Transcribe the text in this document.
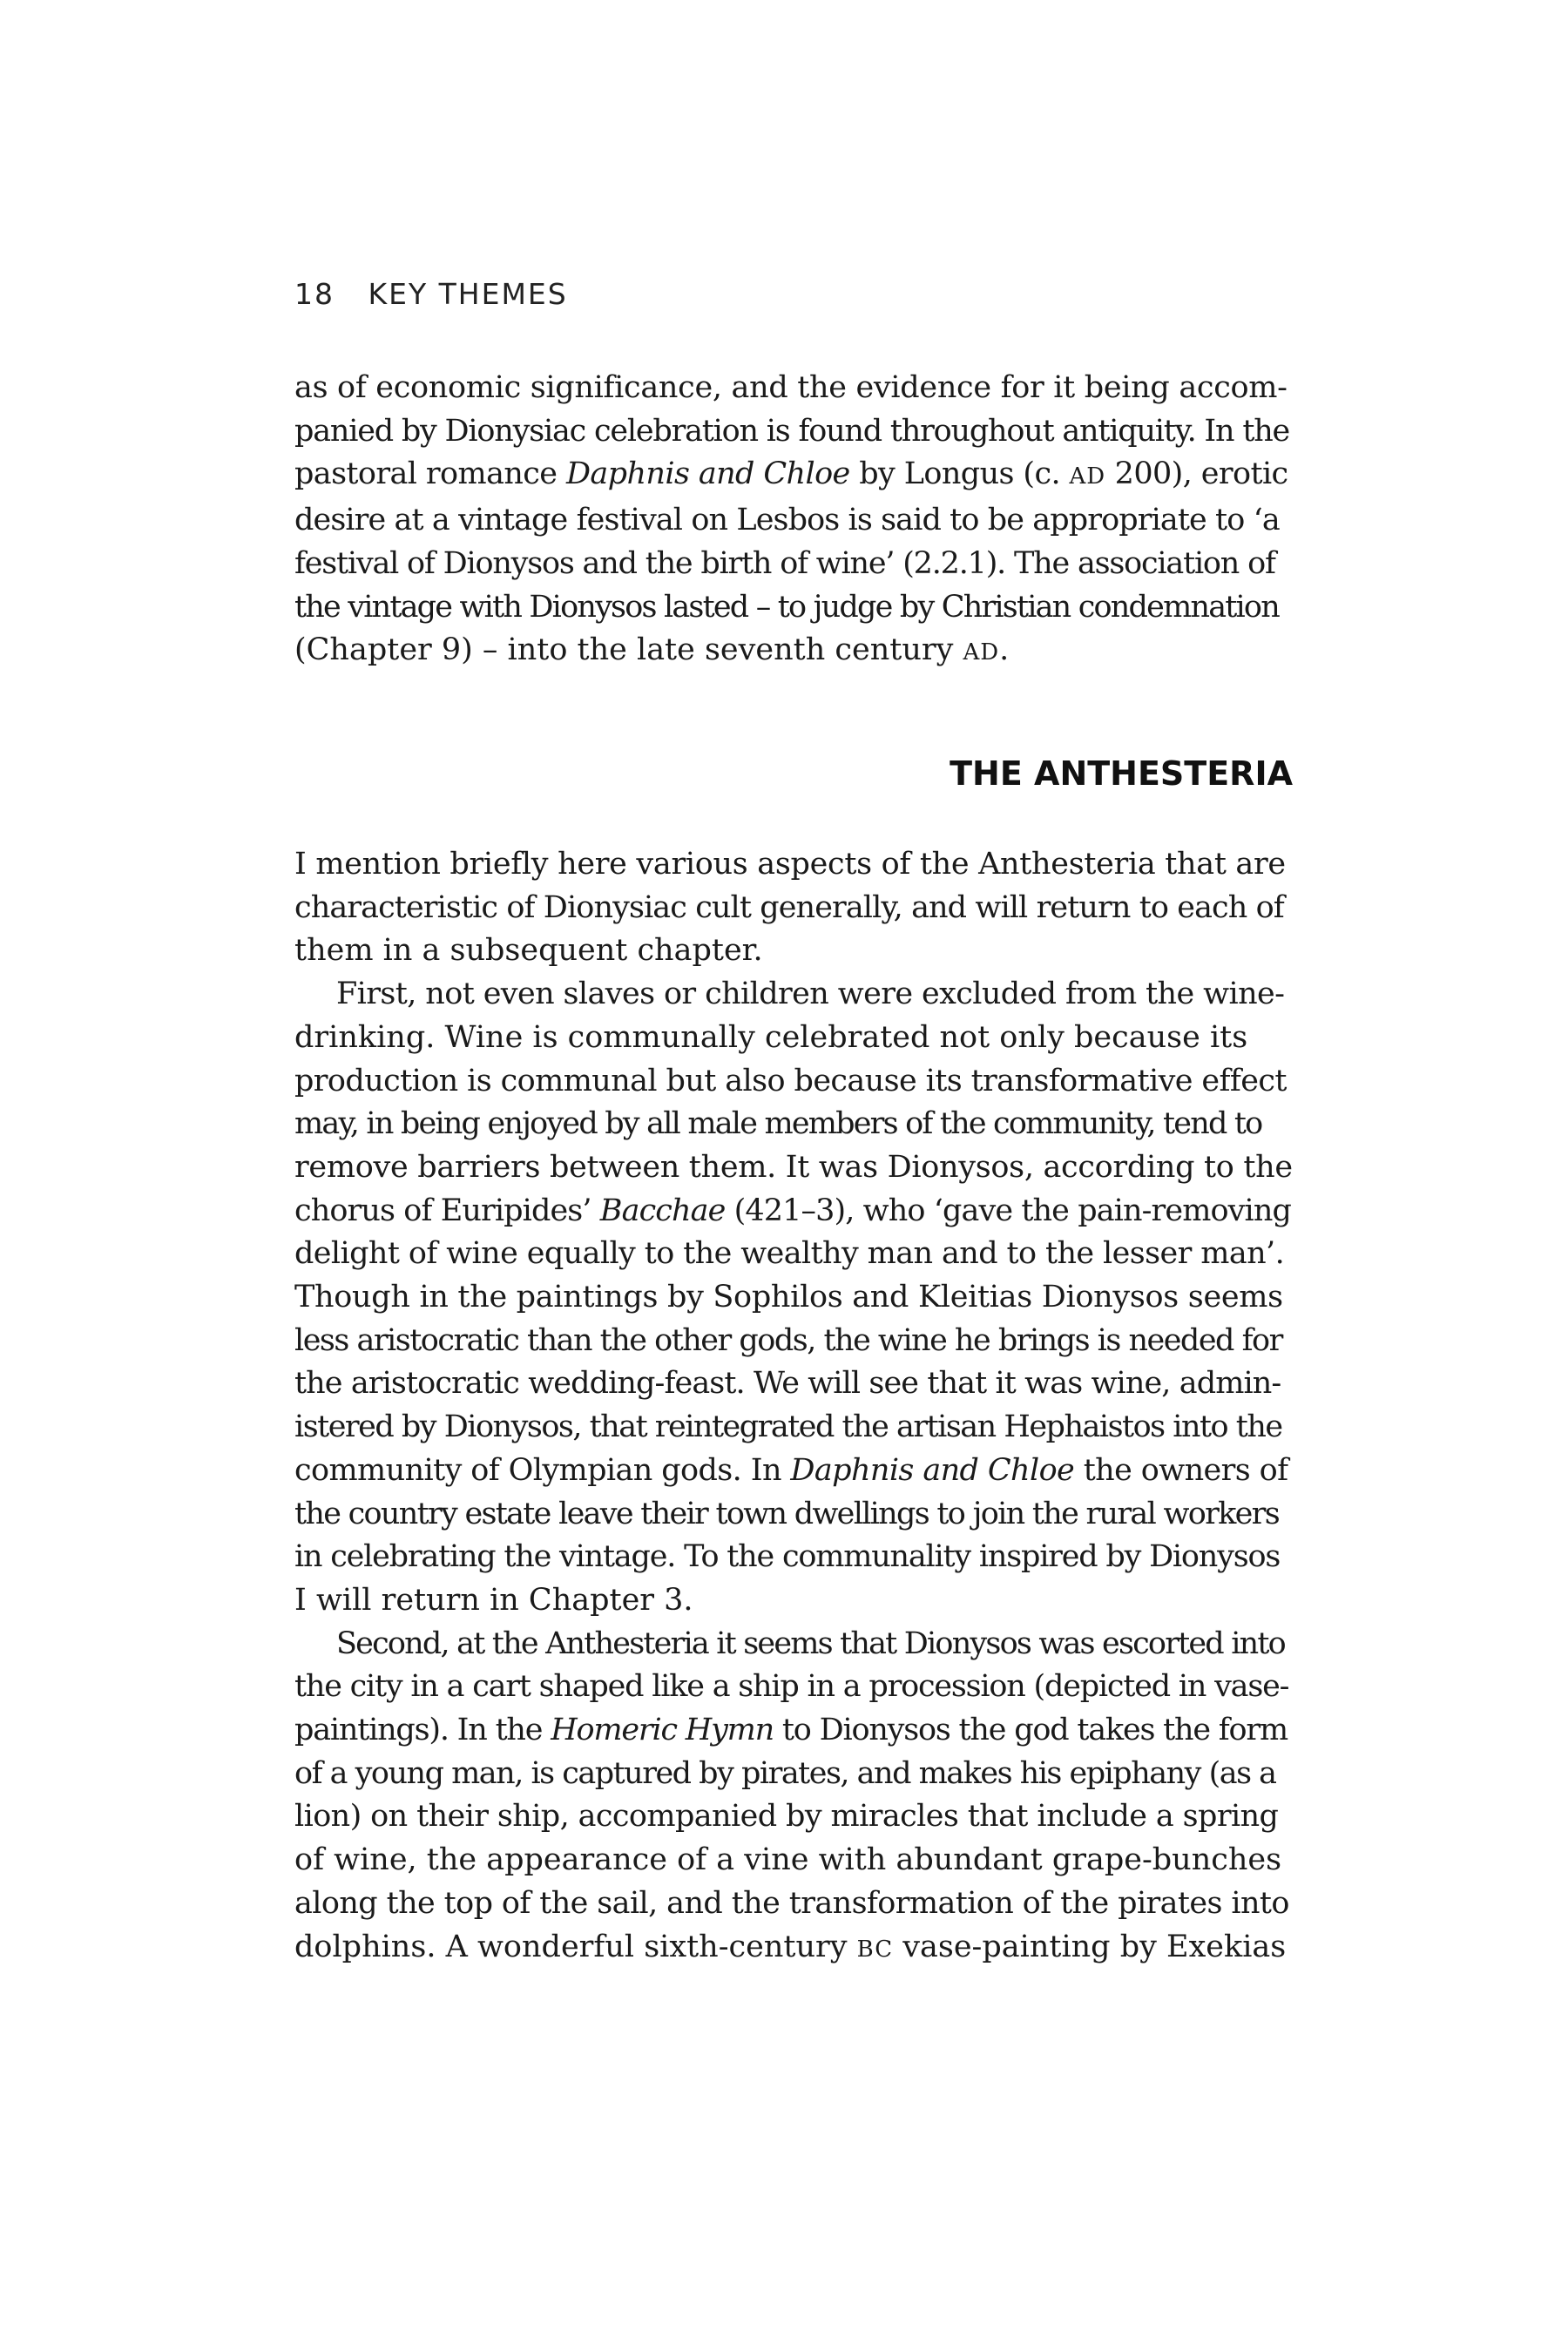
18 KEY THEMES
as of economic significance, and the evidence for it being accom-
panied by Dionysiac celebration is found throughout antiquity. In the
pastoral romance Daphnis and Chloe by Longus (c. AD 200), erotic
desire at a vintage festival on Lesbos is said to be appropriate to ‘a
festival of Dionysos and the birth of wine’ (2.2.1). The association of
the vintage with Dionysos lasted – to judge by Christian condemnation
(Chapter 9) – into the late seventh century AD.
THE ANTHESTERIA
I mention briefly here various aspects of the Anthesteria that are
characteristic of Dionysiac cult generally, and will return to each of
them in a subsequent chapter.
First, not even slaves or children were excluded from the wine-
drinking. Wine is communally celebrated not only because its
production is communal but also because its transformative effect
may, in being enjoyed by all male members of the community, tend to
remove barriers between them. It was Dionysos, according to the
chorus of Euripides’ Bacchae (421–3), who ‘gave the pain-removing
delight of wine equally to the wealthy man and to the lesser man’.
Though in the paintings by Sophilos and Kleitias Dionysos seems
less aristocratic than the other gods, the wine he brings is needed for
the aristocratic wedding-feast. We will see that it was wine, admin-
istered by Dionysos, that reintegrated the artisan Hephaistos into the
community of Olympian gods. In Daphnis and Chloe the owners of
the country estate leave their town dwellings to join the rural workers
in celebrating the vintage. To the communality inspired by Dionysos
I will return in Chapter 3.
Second, at the Anthesteria it seems that Dionysos was escorted into
the city in a cart shaped like a ship in a procession (depicted in vase-
paintings). In the Homeric Hymn to Dionysos the god takes the form
of a young man, is captured by pirates, and makes his epiphany (as a
lion) on their ship, accompanied by miracles that include a spring
of wine, the appearance of a vine with abundant grape-bunches
along the top of the sail, and the transformation of the pirates into
dolphins. A wonderful sixth-century BC vase-painting by Exekias
